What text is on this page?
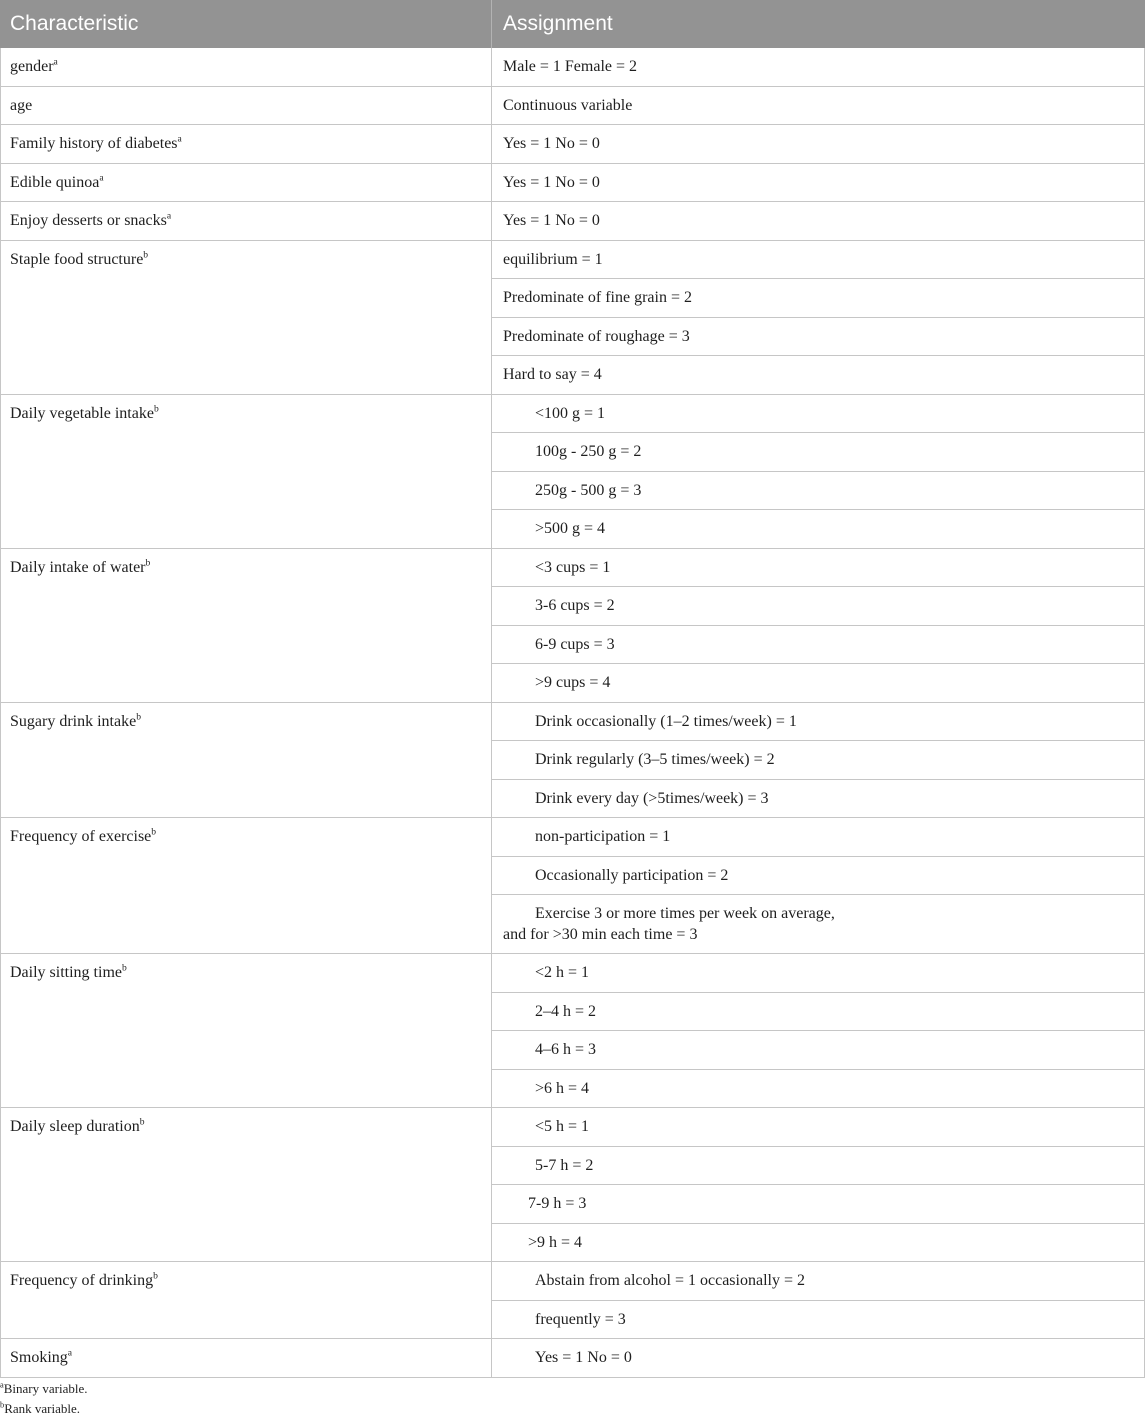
Characteristic	Assignment
gender$^a$	Male = 1 Female = 2
age	Continuous variable
Family history of diabetes$^a$	Yes = 1 No = 0
Edible quinoa$^a$	Yes = 1 No = 0
Enjoy desserts or snacks$^a$	Yes = 1 No = 0
Staple food structure$^b$	equilibrium = 1
Predominate of fine grain = 2
Predominate of roughage = 3
Hard to say = 4
Daily vegetable intake$^b$	<100 g = 1
100g - 250 g = 2
250g - 500 g = 3
>500 g = 4
Daily intake of water$^b$	<3 cups = 1
3-6 cups = 2
6-9 cups = 3
>9 cups = 4
Sugary drink intake$^b$	Drink occasionally (1–2 times/week) = 1
Drink regularly (3–5 times/week) = 2
Drink every day (>5times/week) = 3
Frequency of exercise$^b$	non-participation = 1
Occasionally participation = 2
Exercise 3 or more times per week on average,
and for >30 min each time = 3
Daily sitting time$^b$	<2 h = 1
2–4 h = 2
4–6 h = 3
>6 h = 4
Daily sleep duration$^b$	<5 h = 1
5-7 h = 2
7-9 h = 3
>9 h = 4
Frequency of drinking$^b$	Abstain from alcohol = 1 occasionally = 2
frequently = 3
Smoking$^a$	Yes = 1 No = 0
$^a$Binary variable.
$^b$Rank variable.
